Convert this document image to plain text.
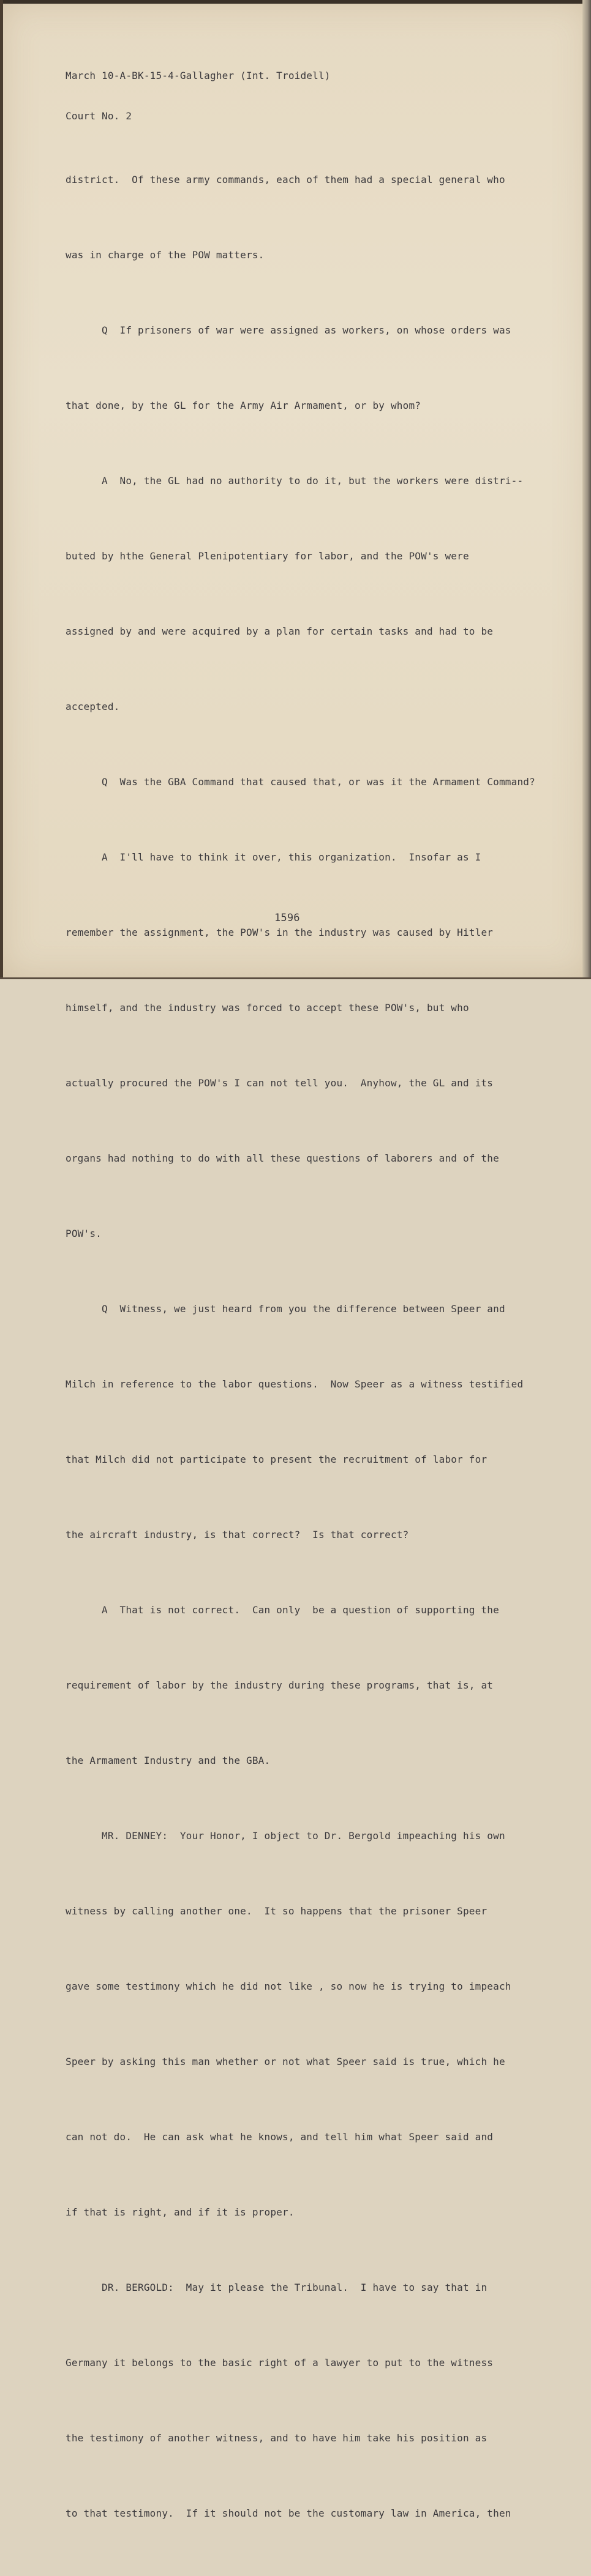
March 10-A-BK-15-4-Gallagher (Int. Troidell)

Court No. 2

district.  Of these army commands, each of them had a special general who

was in charge of the POW matters.

Q  If prisoners of war were assigned as workers, on whose orders was

that done, by the GL for the Army Air Armament, or by whom?

A  No, the GL had no authority to do it, but the workers were distri--

buted by hthe General Plenipotentiary for labor, and the POW's were

assigned by and were acquired by a plan for certain tasks and had to be

accepted.

Q  Was the GBA Command that caused that, or was it the Armament Command?

A  I'll have to think it over, this organization.  Insofar as I

remember the assignment, the POW's in the industry was caused by Hitler

himself, and the industry was forced to accept these POW's, but who

actually procured the POW's I can not tell you.  Anyhow, the GL and its

organs had nothing to do with all these questions of laborers and of the

POW's.

Q  Witness, we just heard from you the difference between Speer and

Milch in reference to the labor questions.  Now Speer as a witness testified

that Milch did not participate to present the recruitment of labor for

the aircraft industry, is that correct?  Is that correct?

A  That is not correct.  Can only  be a question of supporting the

requirement of labor by the industry during these programs, that is, at

the Armament Industry and the GBA.

MR. DENNEY:  Your Honor, I object to Dr. Bergold impeaching his own

witness by calling another one.  It so happens that the prisoner Speer

gave some testimony which he did not like , so now he is trying to impeach

Speer by asking this man whether or not what Speer said is true, which he

can not do.  He can ask what he knows, and tell him what Speer said and

if that is right, and if it is proper.

DR. BERGOLD:  May it please the Tribunal.  I have to say that in

Germany it belongs to the basic right of a lawyer to put to the witness

the testimony of another witness, and to have him take his position as

to that testimony.  If it should not be the customary law in America, then

1596
